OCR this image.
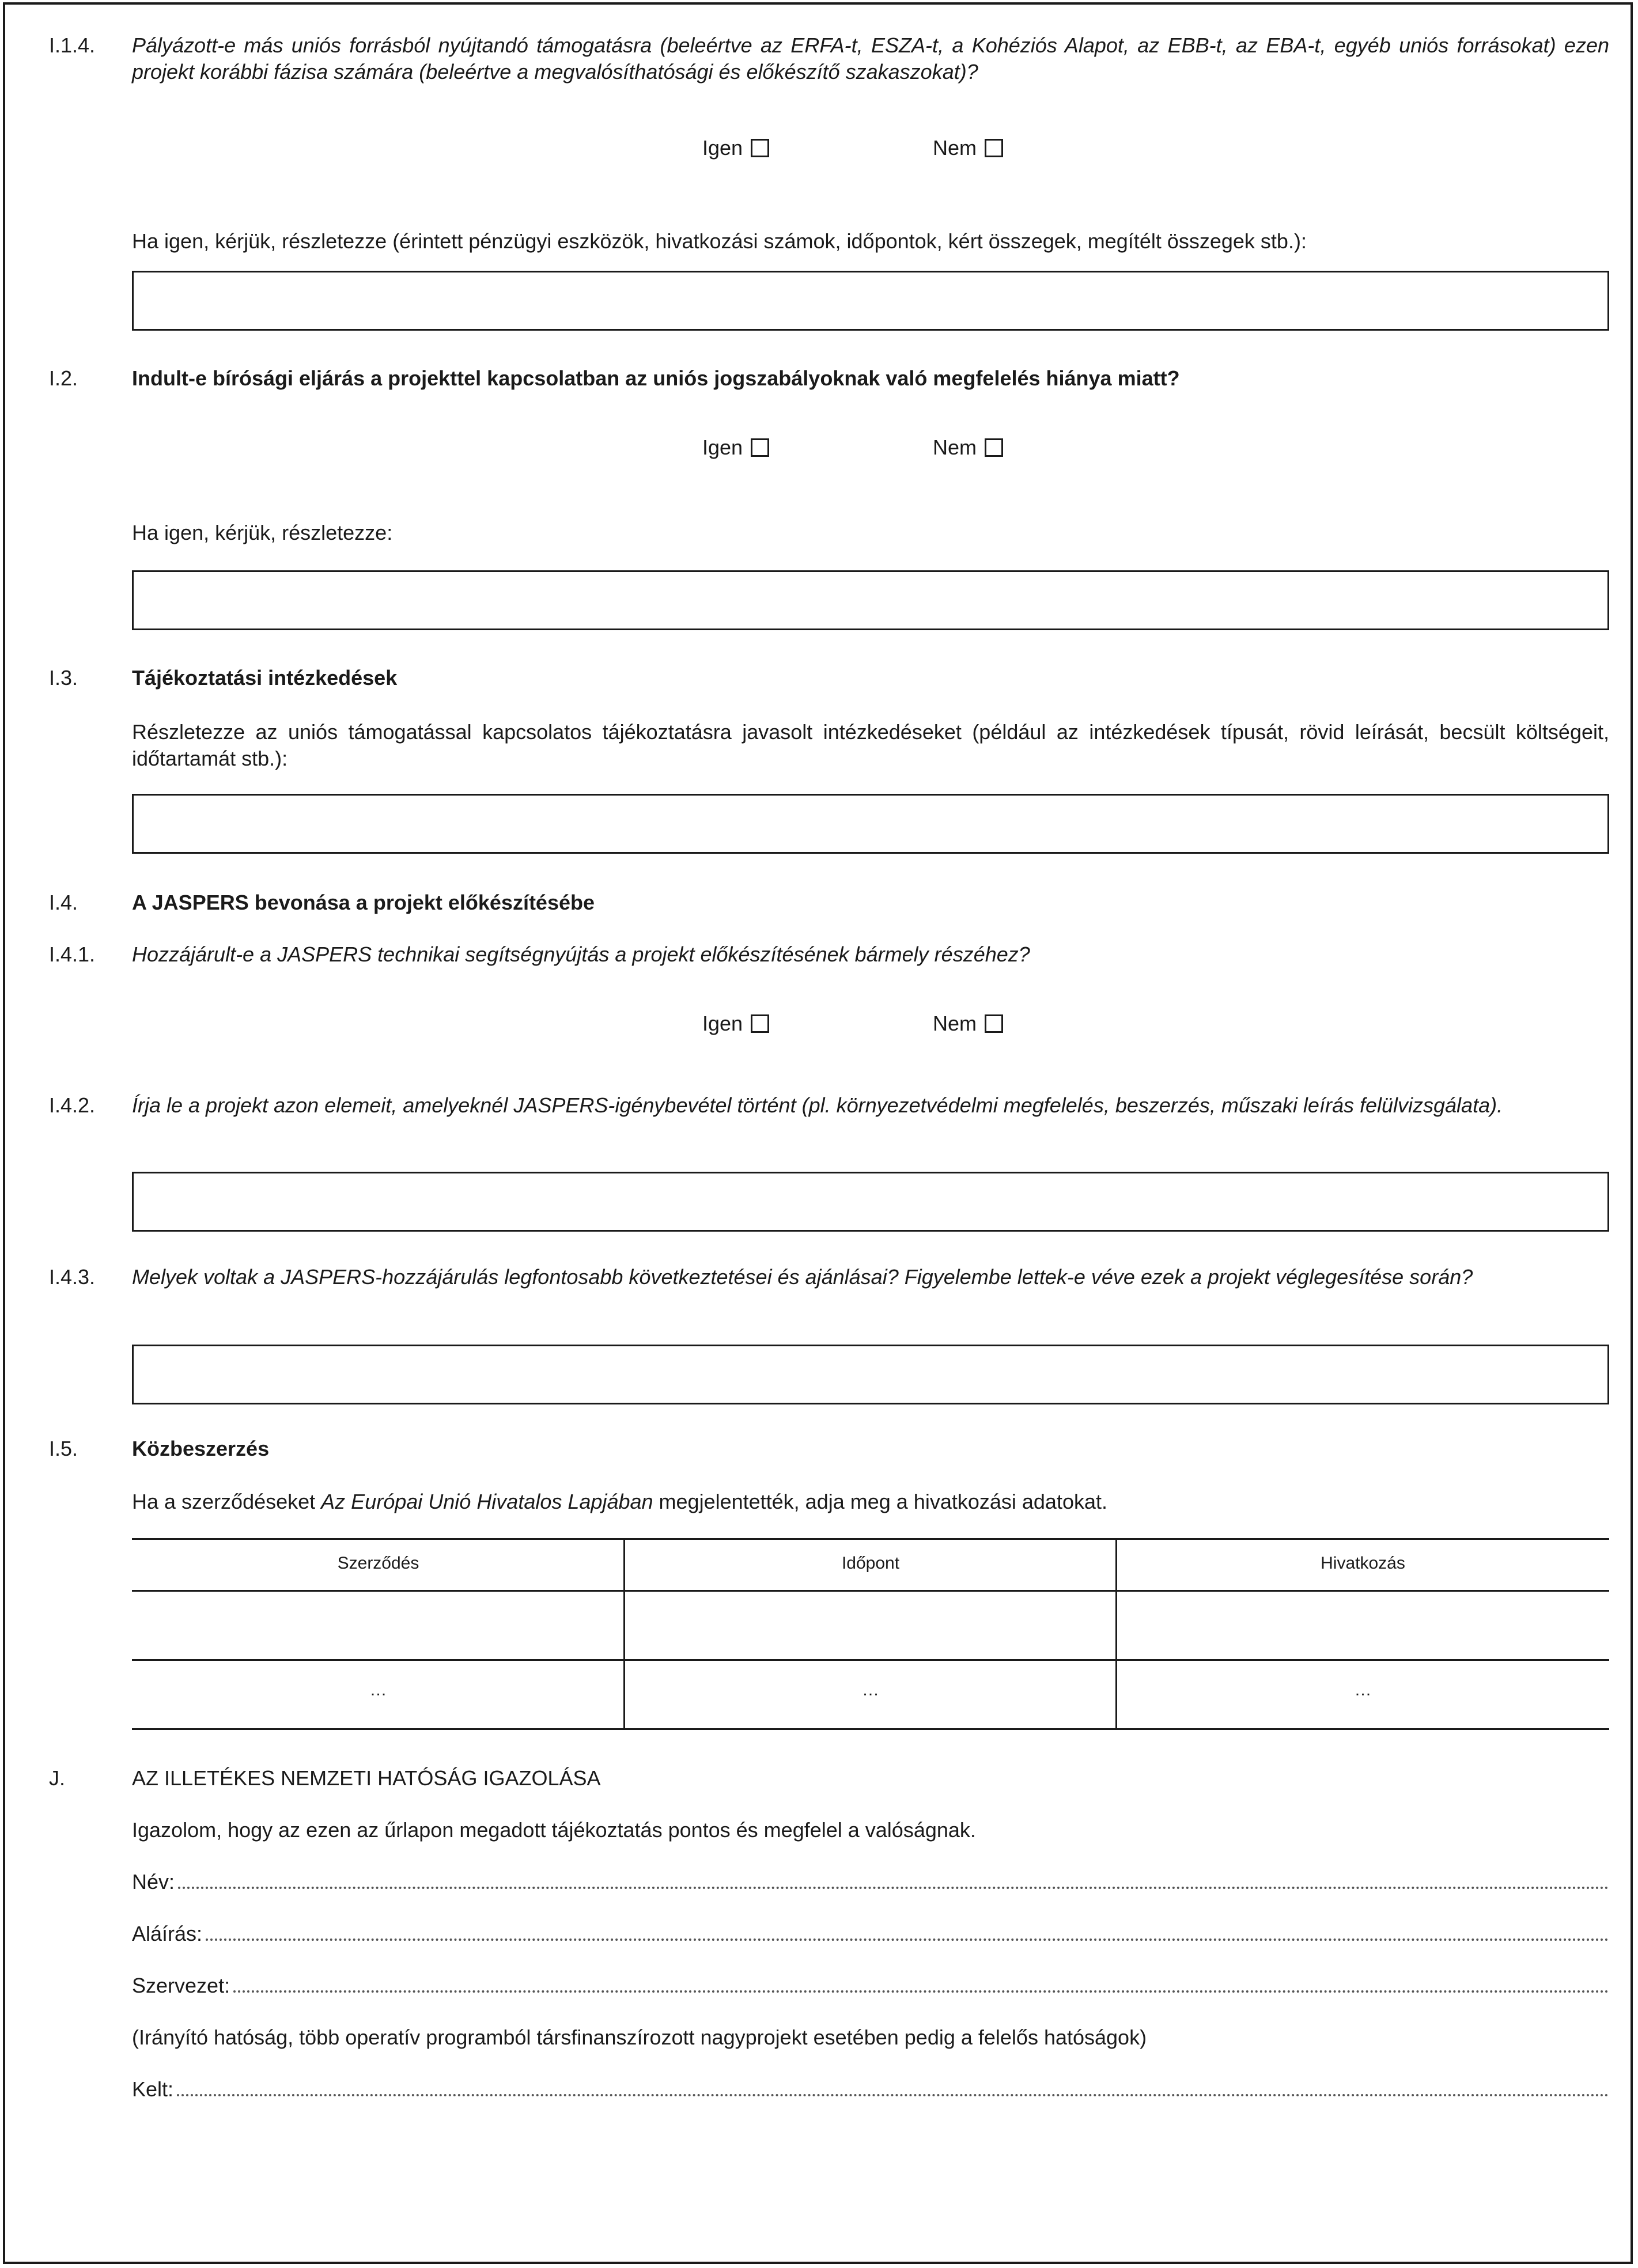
I.1.4. Pályázott-e más uniós forrásból nyújtandó támogatásra (beleértve az ERFA-t, ESZA-t, a Kohéziós Alapot, az EBB-t, az EBA-t, egyéb uniós forrásokat) ezen projekt korábbi fázisa számára (beleértve a megvalósíthatósági és előkészítő szakaszokat)?
Igen	Nem
Ha igen, kérjük, részletezze (érintett pénzügyi eszközök, hivatkozási számok, időpontok, kért összegek, megítélt összegek stb.):
I.2.	Indult-e bírósági eljárás a projekttel kapcsolatban az uniós jogszabályoknak való megfelelés hiánya miatt?
Igen	Nem
Ha igen, kérjük, részletezze:
I.3.	Tájékoztatási intézkedések
Részletezze az uniós támogatással kapcsolatos tájékoztatásra javasolt intézkedéseket (például az intézkedések típusát, rövid leírását, becsült költségeit, időtartamát stb.):
I.4.	A JASPERS bevonása a projekt előkészítésébe
I.4.1. Hozzájárult-e a JASPERS technikai segítségnyújtás a projekt előkészítésének bármely részéhez?
Igen	Nem
I.4.2. Írja le a projekt azon elemeit, amelyeknél JASPERS-igénybevétel történt (pl. környezetvédelmi megfelelés, beszerzés, műszaki leírás felülvizsgálata).
I.4.3. Melyek voltak a JASPERS-hozzájárulás legfontosabb következtetései és ajánlásai? Figyelembe lettek-e véve ezek a projekt véglegesítése során?
I.5.	Közbeszerzés
Ha a szerződéseket Az Európai Unió Hivatalos Lapjában megjelentették, adja meg a hivatkozási adatokat.
Szerződés	Időpont	Hivatkozás
…	…	…
J.	AZ ILLETÉKES NEMZETI HATÓSÁG IGAZOLÁSA
Igazolom, hogy az ezen az űrlapon megadott tájékoztatás pontos és megfelel a valóságnak.
Név:
Aláírás:
Szervezet:
(Irányító hatóság, több operatív programból társfinanszírozott nagyprojekt esetében pedig a felelős hatóságok)
Kelt:
